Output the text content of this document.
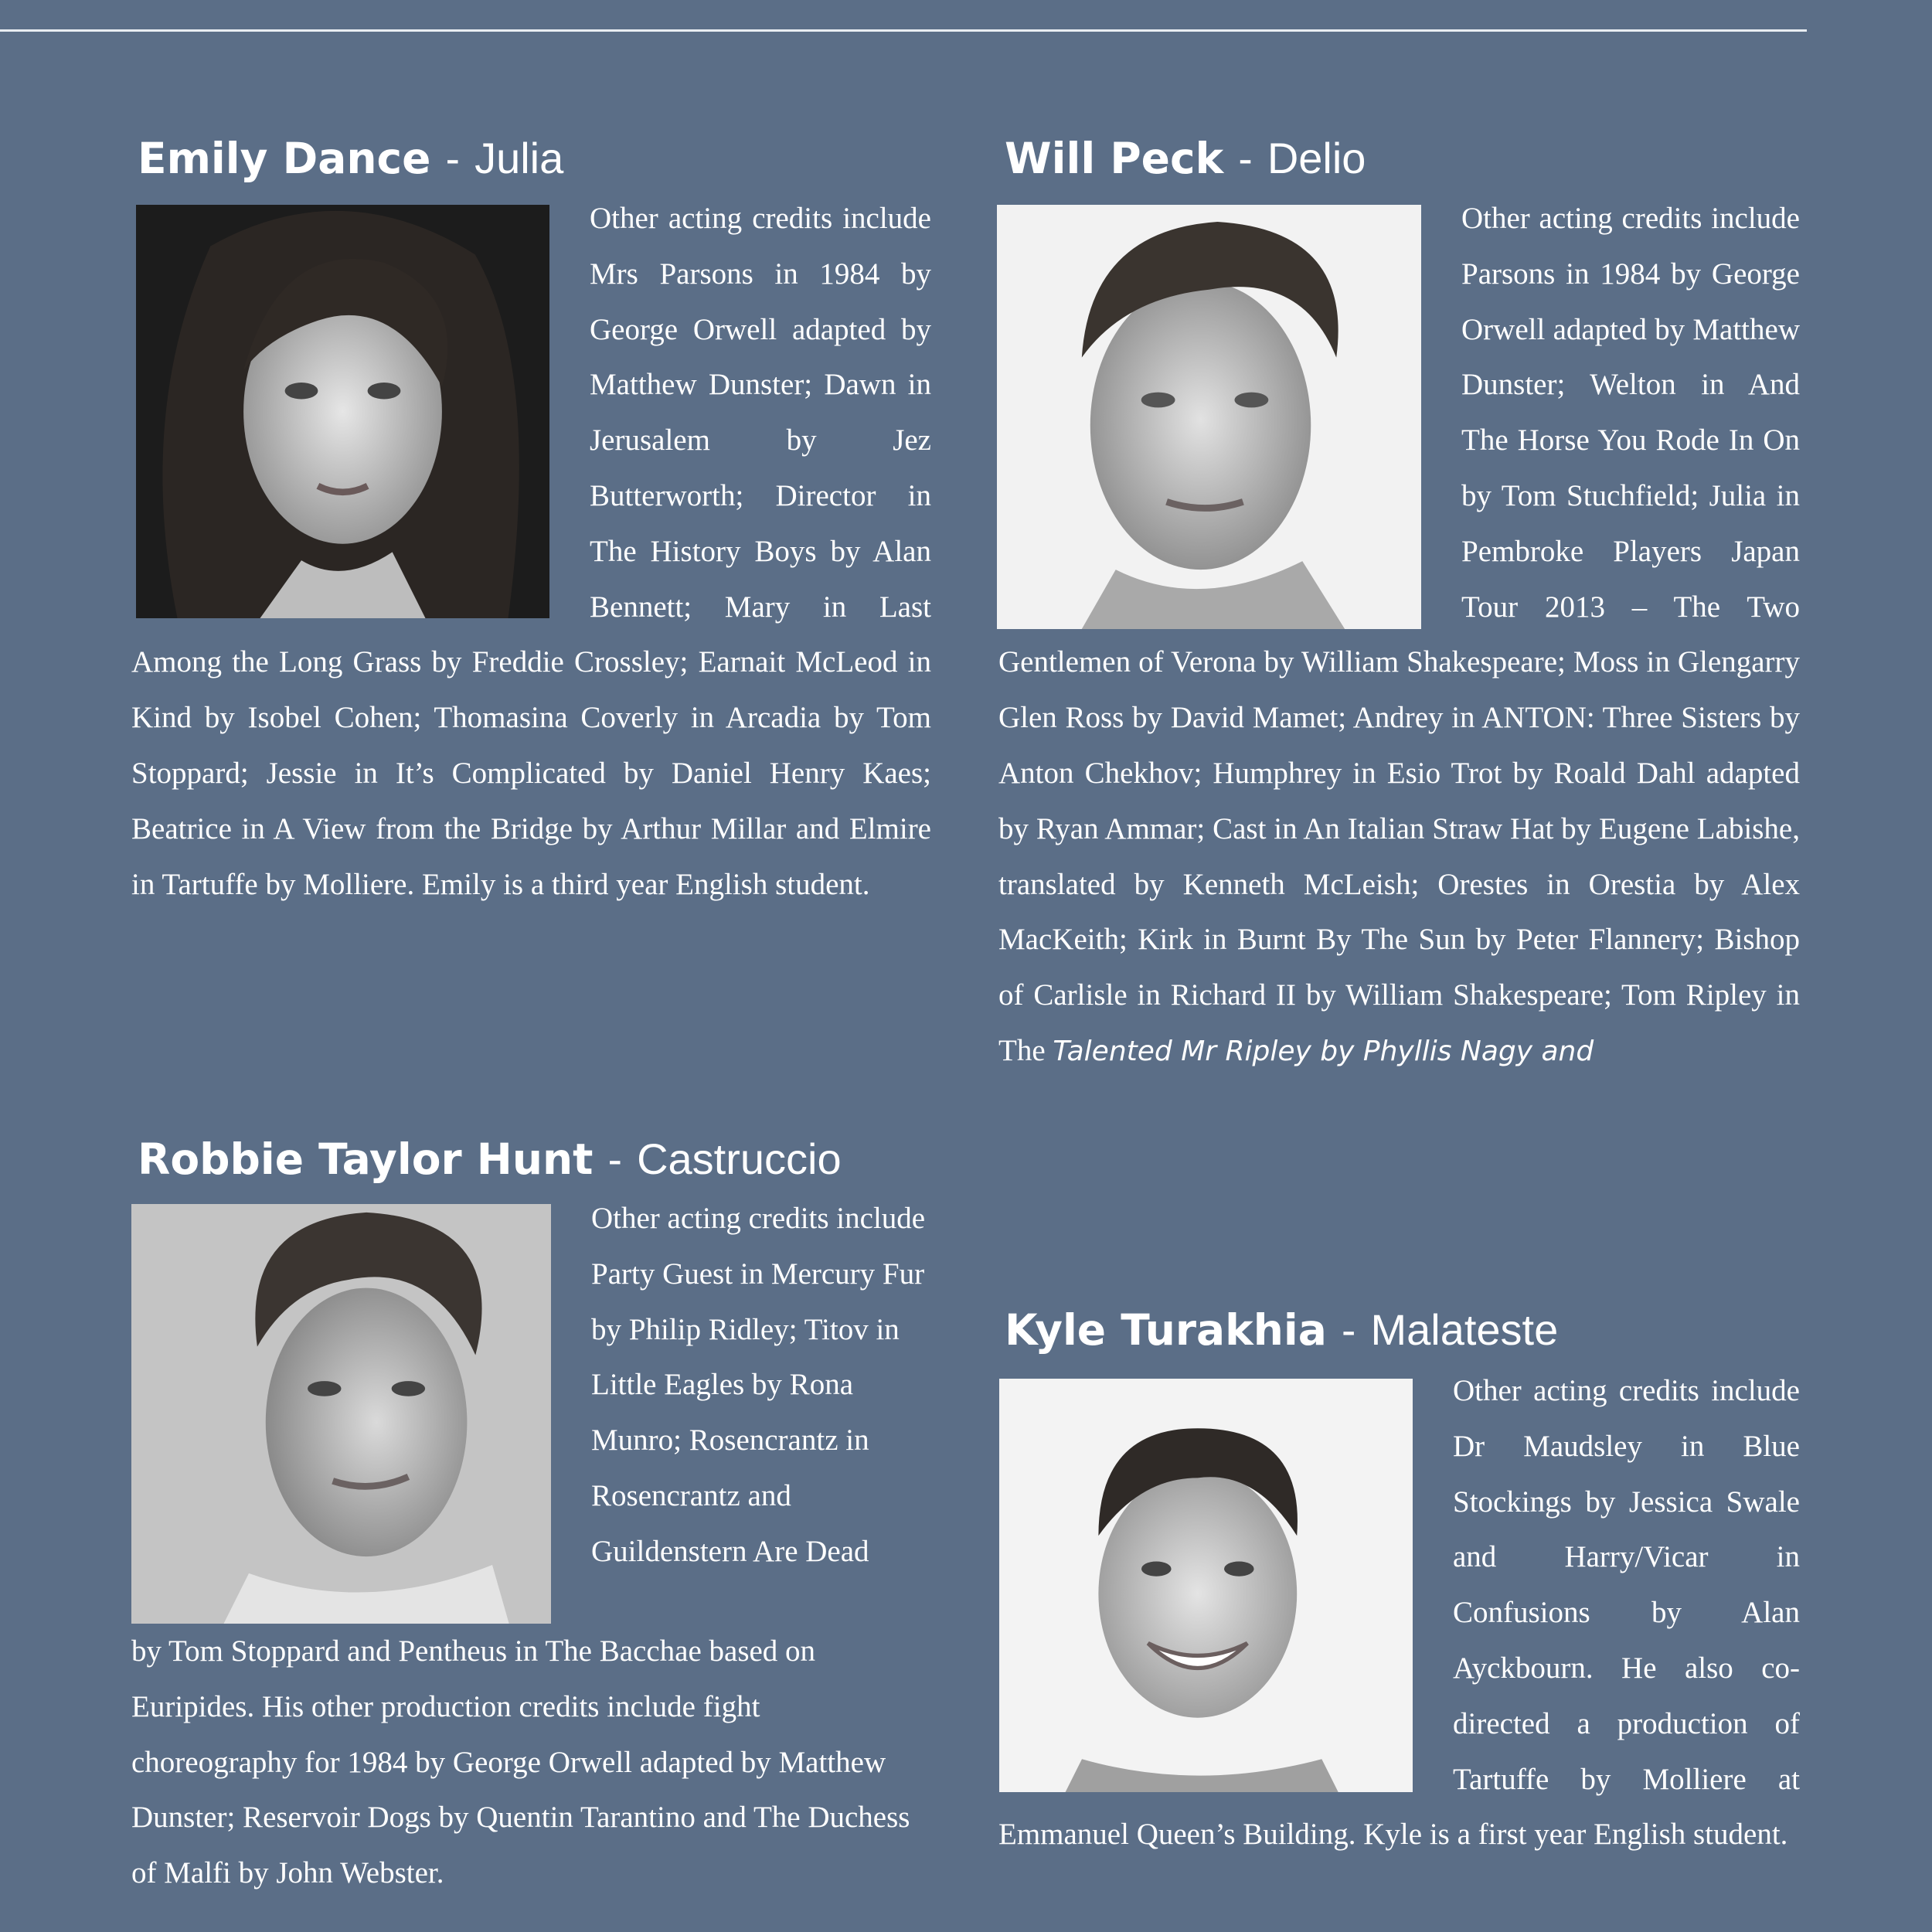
Emily Dance - Julia

Other acting credits include Mrs Parsons in 1984 by George Orwell adapted by Matthew Dunster; Dawn in Jerusalem by Jez Butterworth; Director in The History Boys by Alan Bennett; Mary in Last Among the Long Grass by Freddie Crossley; Earnait McLeod in Kind by Isobel Cohen; Thomasina Coverly in Arcadia by Tom Stoppard; Jessie in It’s Complicated by Daniel Henry Kaes; Beatrice in A View from the Bridge by Arthur Millar and Elmire in Tartuffe by Molliere. Emily is a third year English student.

Will Peck - Delio

Other acting credits include Parsons in 1984 by George Orwell adapted by Matthew Dunster; Welton in And The Horse You Rode In On by Tom Stuchfield; Julia in Pembroke Players Japan Tour 2013 – The Two Gentlemen of Verona by William Shakespeare; Moss in Glengarry Glen Ross by David Mamet; Andrey in ANTON: Three Sisters by Anton Chekhov; Humphrey in Esio Trot by Roald Dahl adapted by Ryan Ammar; Cast in An Italian Straw Hat by Eugene Labishe, translated by Kenneth McLeish; Orestes in Orestia by Alex MacKeith; Kirk in Burnt By The Sun by Peter Flannery; Bishop of Carlisle in Richard II by William Shakespeare; Tom Ripley in The Talented Mr Ripley by Phyllis Nagy and

Robbie Taylor Hunt - Castruccio

Other acting credits include Party Guest in Mercury Fur by Philip Ridley; Titov in Little Eagles by Rona Munro; Rosencrantz in Rosencrantz and Guildenstern Are Dead

by Tom Stoppard and Pentheus in The Bacchae based on Euripides. His other production credits include fight choreography for 1984 by George Orwell adapted by Matthew Dunster; Reservoir Dogs by Quentin Tarantino and The Duchess of Malfi by John Webster.

Kyle Turakhia - Malateste

Other acting credits include Dr Maudsley in Blue Stockings by Jessica Swale and Harry/Vicar in Confusions by Alan Ayckbourn. He also co-directed a production of Tartuffe by Molliere at Emmanuel Queen’s Building. Kyle is a first year English student.
